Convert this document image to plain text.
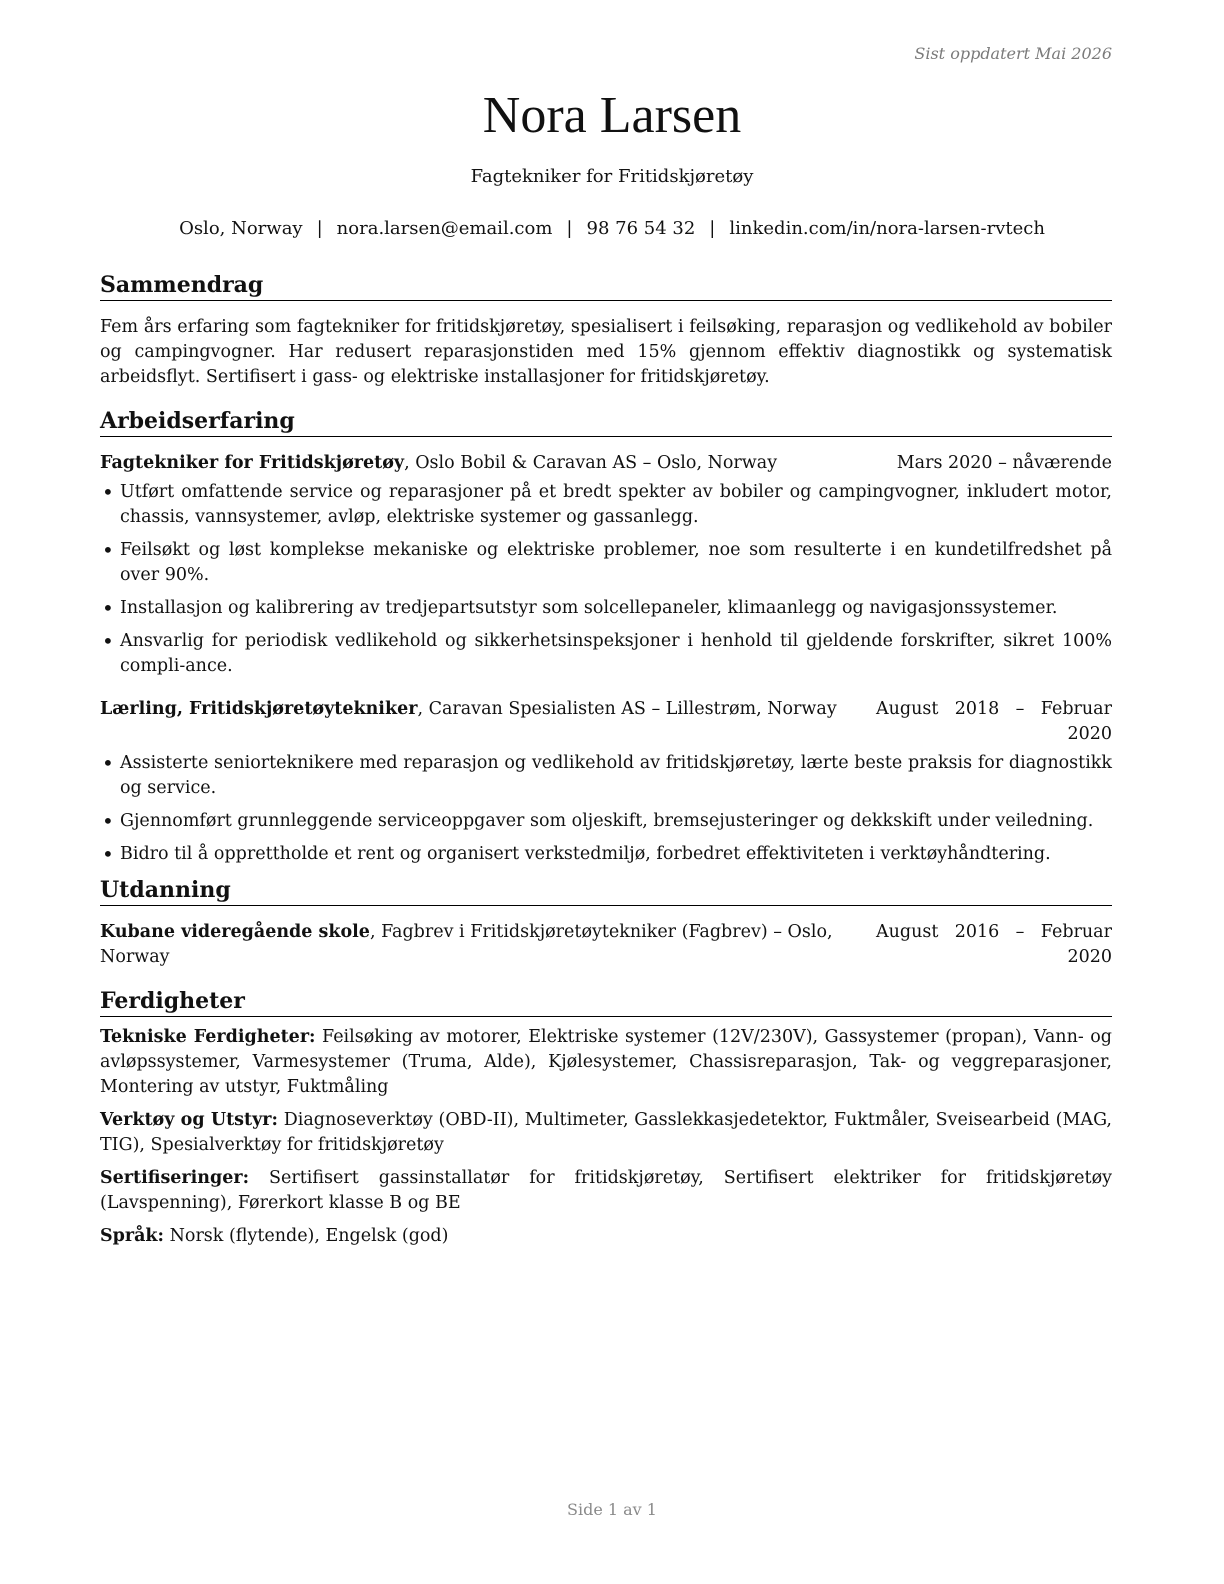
Sist oppdatert Mai 2026
Nora Larsen
Fagtekniker for Fritidskjøretøy
Oslo, Norway | nora.larsen@email.com | 98 76 54 32 | linkedin.com/in/nora-larsen-rvtech
Sammendrag

Fem års erfaring som fagtekniker for fritidskjøretøy, spesialisert i feilsøking, reparasjon og vedlikehold av bobiler og campingvogner. Har redusert reparasjonstiden med 15% gjennom effektiv diagnostikk og systematisk arbeidsflyt. Sertifisert i gass- og elektriske installasjoner for fritidskjøretøy.

Arbeidserfaring
Fagtekniker for Fritidskjøretøy, Oslo Bobil & Caravan AS – Oslo, Norway	Mars 2020 – nåværende
• Utført omfattende service og reparasjoner på et bredt spekter av bobiler og campingvogner, inkludert motor, chassis, vannsystemer, avløp, elektriske systemer og gassanlegg.
• Feilsøkt og løst komplekse mekaniske og elektriske problemer, noe som resulterte i en kundetilfredshet på over 90%.
• Installasjon og kalibrering av tredjepartsutstyr som solcellepaneler, klimaanlegg og navigasjonssystemer.
• Ansvarlig for periodisk vedlikehold og sikkerhetsinspeksjoner i henhold til gjeldende forskrifter, sikret 100% compli-ance.
Lærling, Fritidskjøretøytekniker, Caravan Spesialisten AS – Lillestrøm, Norway	August 2018 – Februar 2020
• Assisterte seniorteknikere med reparasjon og vedlikehold av fritidskjøretøy, lærte beste praksis for diagnostikk og service.
• Gjennomført grunnleggende serviceoppgaver som oljeskift, bremsejusteringer og dekkskift under veiledning.
• Bidro til å opprettholde et rent og organisert verkstedmiljø, forbedret effektiviteten i verktøyhåndtering.
Utdanning
Kubane videregående skole, Fagbrev i Fritidskjøretøytekniker (Fagbrev) – Oslo, Norway
August 2016 – Februar 2020
Ferdigheter

Tekniske Ferdigheter: Feilsøking av motorer, Elektriske systemer (12V/230V), Gassystemer (propan), Vann- og avløpssystemer, Varmesystemer (Truma, Alde), Kjølesystemer, Chassisreparasjon, Tak- og veggreparasjoner, Montering av utstyr, Fuktmåling

Verktøy og Utstyr: Diagnoseverktøy (OBD-II), Multimeter, Gasslekkasjedetektor, Fuktmåler, Sveisearbeid (MAG, TIG), Spesialverktøy for fritidskjøretøy

Sertifiseringer: Sertifisert gassinstallatør for fritidskjøretøy, Sertifisert elektriker for fritidskjøretøy (Lavspenning), Førerkort klasse B og BE

Språk: Norsk (flytende), Engelsk (god)

Side 1 av 1
